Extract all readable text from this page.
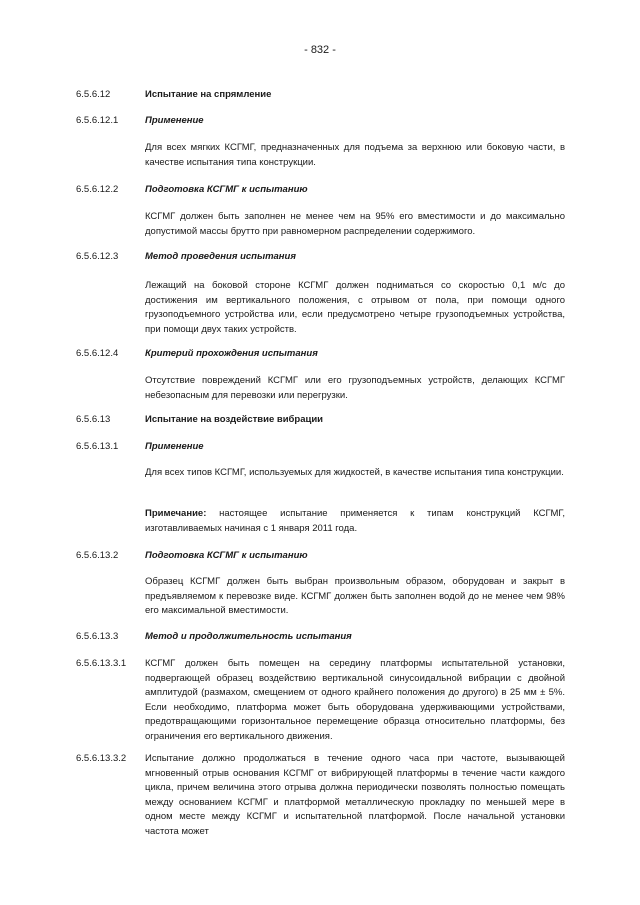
- 832 -
6.5.6.12	Испытание на спрямление
6.5.6.12.1	Применение
Для всех мягких КСГМГ, предназначенных для подъема за верхнюю или боковую части, в качестве испытания типа конструкции.
6.5.6.12.2	Подготовка КСГМГ к испытанию
КСГМГ должен быть заполнен не менее чем на 95% его вместимости и до максимально допустимой массы брутто при равномерном распределении содержимого.
6.5.6.12.3	Метод проведения испытания
Лежащий на боковой стороне КСГМГ должен подниматься со скоростью 0,1 м/с до достижения им вертикального положения, с отрывом от пола, при помощи одного грузоподъемного устройства или, если предусмотрено четыре грузоподъемных устройства, при помощи двух таких устройств.
6.5.6.12.4	Критерий прохождения испытания
Отсутствие повреждений КСГМГ или его грузоподъемных устройств, делающих КСГМГ небезопасным для перевозки или перегрузки.
6.5.6.13	Испытание на воздействие вибрации
6.5.6.13.1	Применение
Для всех типов КСГМГ, используемых для жидкостей, в качестве испытания типа конструкции.
Примечание: настоящее испытание применяется к типам конструкций КСГМГ, изготавливаемых начиная с 1 января 2011 года.
6.5.6.13.2	Подготовка КСГМГ к испытанию
Образец КСГМГ должен быть выбран произвольным образом, оборудован и закрыт в предъявляемом к перевозке виде. КСГМГ должен быть заполнен водой до не менее чем 98% его максимальной вместимости.
6.5.6.13.3	Метод и продолжительность испытания
6.5.6.13.3.1 КСГМГ должен быть помещен на середину платформы испытательной установки, подвергающей образец воздействию вертикальной синусоидальной вибрации с двойной амплитудой (размахом, смещением от одного крайнего положения до другого) в 25 мм ± 5%. Если необходимо, платформа может быть оборудована удерживающими устройствами, предотвращающими горизонтальное перемещение образца относительно платформы, без ограничения его вертикального движения.
6.5.6.13.3.2 Испытание должно продолжаться в течение одного часа при частоте, вызывающей мгновенный отрыв основания КСГМГ от вибрирующей платформы в течение части каждого цикла, причем величина этого отрыва должна периодически позволять полностью помещать между основанием КСГМГ и платформой металлическую прокладку по меньшей мере в одном месте между КСГМГ и испытательной платформой. После начальной установки частота может
